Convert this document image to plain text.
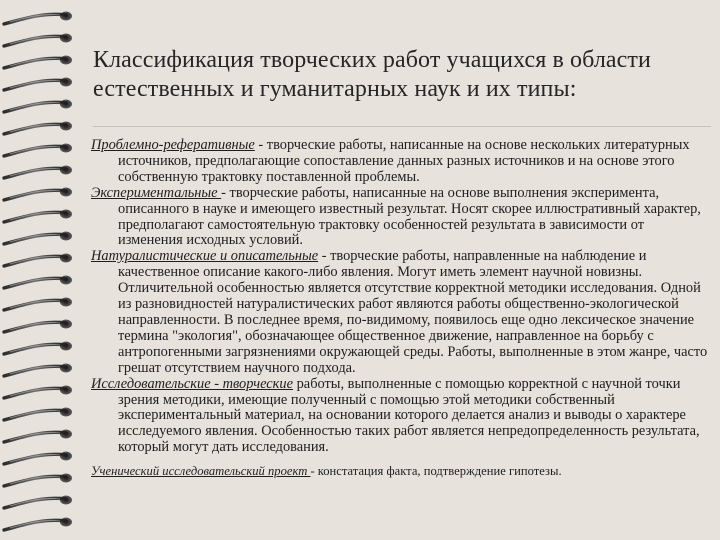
Классификация творческих работ учащихся в области
естественных и гуманитарных наук и их типы:

Проблемно-реферативные - творческие работы, написанные на основе нескольких литературных источников, предполагающие сопоставление данных разных источников и на основе этого собственную трактовку поставленной проблемы.

Экспериментальные - творческие работы, написанные на основе выполнения эксперимента, описанного в науке и имеющего известный результат. Носят скорее иллюстративный характер, предполагают самостоятельную трактовку особенностей результата в зависимости от изменения исходных условий.

Натуралистические и описательные - творческие работы, направленные на наблюдение и качественное описание какого-либо явления. Могут иметь элемент научной новизны. Отличительной особенностью является отсутствие корректной методики исследования. Одной из разновидностей натуралистических работ являются работы общественно-экологической направленности. В последнее время, по-видимому, появилось еще одно лексическое значение термина "экология", обозначающее общественное движение, направленное на борьбу с антропогенными загрязнениями окружающей среды. Работы, выполненные в этом жанре, часто грешат отсутствием научного подхода.

Исследовательские - творческие работы, выполненные с помощью корректной с научной точки зрения методики, имеющие полученный с помощью этой методики собственный экспериментальный материал, на основании которого делается анализ и выводы о характере исследуемого явления. Особенностью таких работ является непредопределенность результата, который могут дать исследования.

Ученический исследовательский проект - констатация факта, подтверждение гипотезы.
